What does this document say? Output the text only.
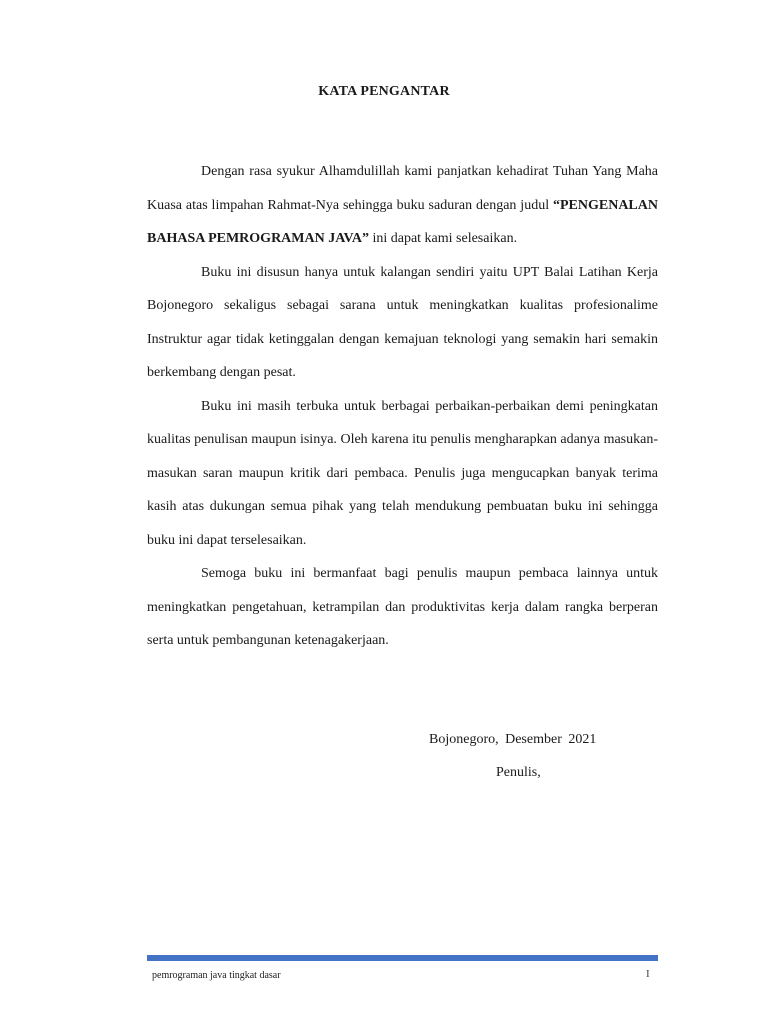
KATA PENGANTAR

Dengan rasa syukur Alhamdulillah kami panjatkan kehadirat Tuhan Yang Maha Kuasa atas limpahan Rahmat-Nya sehingga buku saduran dengan judul “PENGENALAN BAHASA PEMROGRAMAN JAVA” ini dapat kami selesaikan.

Buku ini disusun hanya untuk kalangan sendiri yaitu UPT Balai Latihan Kerja Bojonegoro sekaligus sebagai sarana untuk meningkatkan kualitas profesionalime Instruktur agar tidak ketinggalan dengan kemajuan teknologi yang semakin hari semakin berkembang dengan pesat.

Buku ini masih terbuka untuk berbagai perbaikan-perbaikan demi peningkatan kualitas penulisan maupun isinya. Oleh karena itu penulis mengharapkan adanya masukan-masukan saran maupun kritik dari pembaca. Penulis juga mengucapkan banyak terima kasih atas dukungan semua pihak yang telah mendukung pembuatan buku ini sehingga buku ini dapat terselesaikan.

Semoga buku ini bermanfaat bagi penulis maupun pembaca lainnya untuk meningkatkan pengetahuan, ketrampilan dan produktivitas kerja dalam rangka berperan serta untuk pembangunan ketenagakerjaan.

Bojonegoro, Desember 2021
Penulis,
pemrograman java tingkat dasar	I
